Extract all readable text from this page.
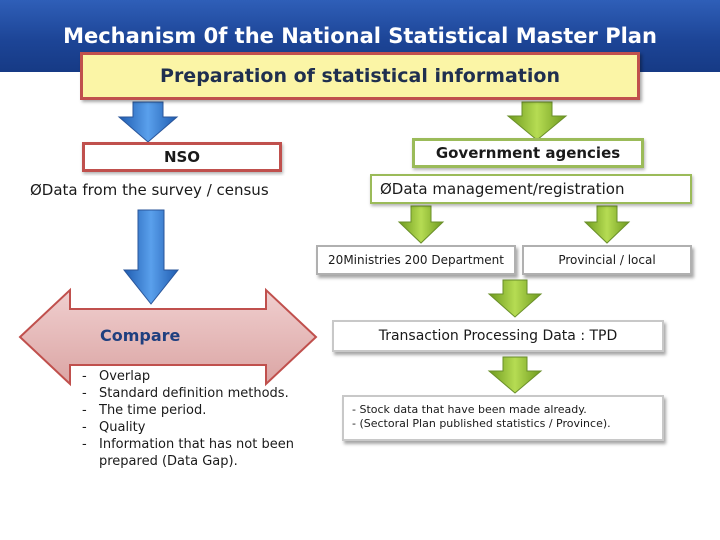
Mechanism 0f the National Statistical Master Plan
Preparation of statistical information
NSO
ØData from the survey / census
Government agencies
ØData management/registration
20Ministries 200 Department	Provincial / local
Transaction Processing Data : TPD
- Stock data that have been made already.
- (Sectoral Plan published statistics / Province).
Compare
- Overlap
- Standard definition methods.
- The time period.
- Quality
- Information that has not been
prepared (Data Gap).
